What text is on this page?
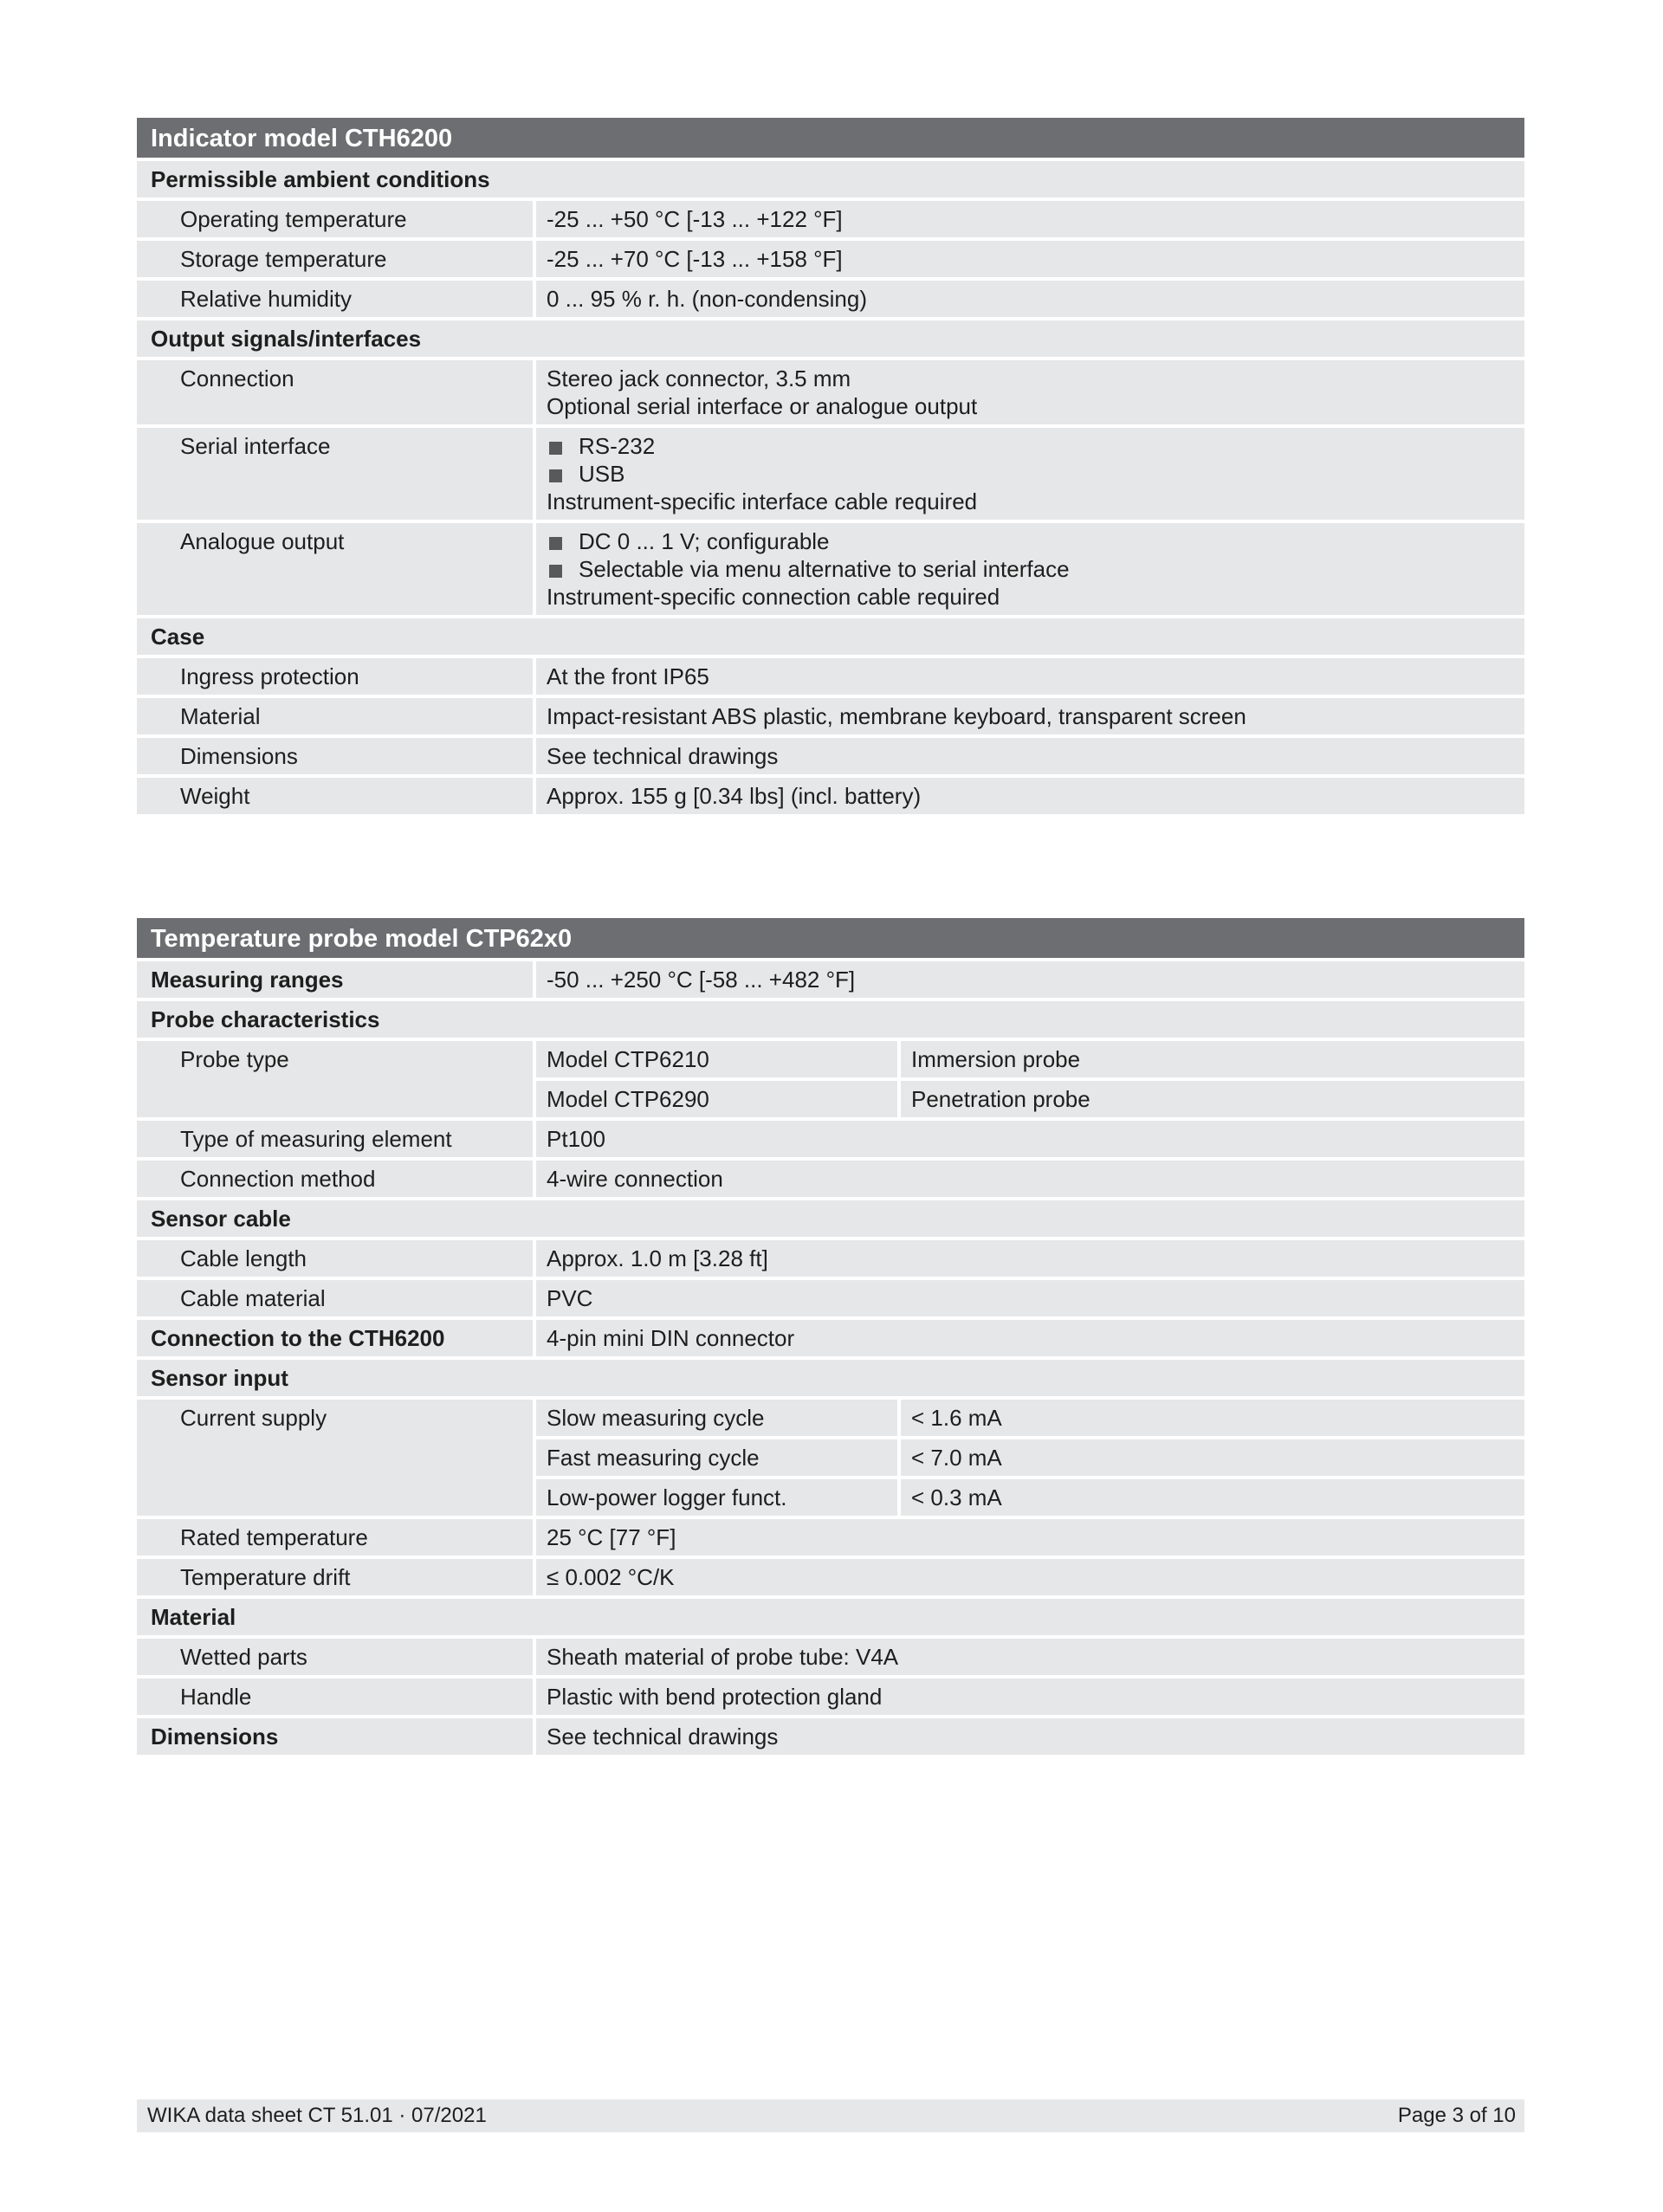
Indicator model CTH6200
Permissible ambient conditions
Operating temperature	-25 ... +50 °C [-13 ... +122 °F]
Storage temperature	-25 ... +70 °C [-13 ... +158 °F]
Relative humidity	0 ... 95 % r. h. (non-condensing)
Output signals/interfaces
Connection	Stereo jack connector, 3.5 mm
Optional serial interface or analogue output
Serial interface	RS-232
USB
Instrument-specific interface cable required
Analogue output	DC 0 ... 1 V; configurable
Selectable via menu alternative to serial interface
Instrument-specific connection cable required
Case
Ingress protection	At the front IP65
Material	Impact-resistant ABS plastic, membrane keyboard, transparent screen
Dimensions	See technical drawings
Weight	Approx. 155 g [0.34 lbs] (incl. battery)
Temperature probe model CTP62x0
Measuring ranges	-50 ... +250 °C [-58 ... +482 °F]
Probe characteristics
Probe type	Model CTP6210	Immersion probe
Model CTP6290	Penetration probe
Type of measuring element	Pt100
Connection method	4-wire connection
Sensor cable
Cable length	Approx. 1.0 m [3.28 ft]
Cable material	PVC
Connection to the CTH6200	4-pin mini DIN connector
Sensor input
Current supply	Slow measuring cycle	< 1.6 mA
Fast measuring cycle	< 7.0 mA
Low-power logger funct.	< 0.3 mA
Rated temperature	25 °C [77 °F]
Temperature drift	≤ 0.002 °C/K
Material
Wetted parts	Sheath material of probe tube: V4A
Handle	Plastic with bend protection gland
Dimensions	See technical drawings
WIKA data sheet CT 51.01 · 07/2021	Page 3 of 10
